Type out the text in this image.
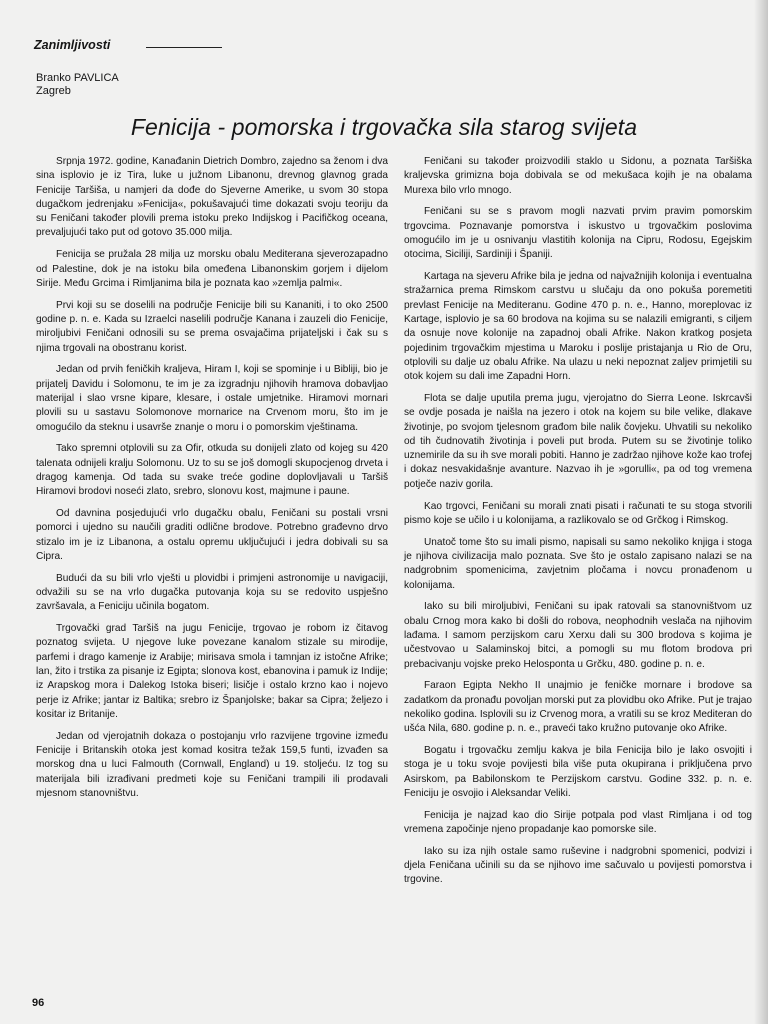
Zanimljivosti
Branko PAVLICA
Zagreb
Fenicija - pomorska i trgovačka sila starog svijeta

Srpnja 1972. godine, Kanađanin Dietrich Dombro, zajedno sa ženom i dva sina isplovio je iz Tira, luke u južnom Libanonu, drevnog glavnog grada Fenicije Taršiša, u namjeri da dođe do Sjeverne Amerike, u svom 30 stopa dugačkom jedrenjaku »Fenicija«, pokušavajući time dokazati svoju teoriju da su Feničani također plovili prema istoku preko Indijskog i Pacifičkog oceana, prevaljujući tako put od gotovo 35.000 milja.

Fenicija se pružala 28 milja uz morsku obalu Mediterana sjeverozapadno od Palestine, dok je na istoku bila omeđena Libanonskim gorjem i dijelom Sirije. Među Grcima i Rimljanima bila je poznata kao »zemlja palmi«.

Prvi koji su se doselili na područje Fenicije bili su Kananiti, i to oko 2500 godine p. n. e. Kada su Izraelci naselili područje Kanana i zauzeli dio Fenicije, miroljubivi Feničani odnosili su se prema osvajačima prijateljski i čak su s njima trgovali na obostranu korist.

Jedan od prvih feničkih kraljeva, Hiram I, koji se spominje i u Bibliji, bio je prijatelj Davidu i Solomonu, te im je za izgradnju njihovih hramova dobavljao materijal i slao vrsne kipare, klesare, i ostale umjetnike. Hiramovi mornari plovili su u sastavu Solomonove mornarice na Crvenom moru, što im je omogućilo da steknu i usavrše znanje o moru i o pomorskim vještinama.

Tako spremni otplovili su za Ofir, otkuda su donijeli zlato od kojeg su 420 talenata odnijeli kralju Solomonu. Uz to su se još domogli skupocjenog drveta i dragog kamenja. Od tada su svake treće godine doplovljavali u Taršiš Hiramovi brodovi noseći zlato, srebro, slonovu kost, majmune i paune.

Od davnina posjedujući vrlo dugačku obalu, Feničani su postali vrsni pomorci i ujedno su naučili graditi odlične brodove. Potrebno građevno drvo stizalo im je iz Libanona, a ostalu opremu uključujući i jedra dobivali su sa Cipra.

Budući da su bili vrlo vješti u plovidbi i primjeni astronomije u navigaciji, odvažili su se na vrlo dugačka putovanja koja su se redovito uspješno završavala, a Feniciju učinila bogatom.

Trgovački grad Taršiš na jugu Fenicije, trgovao je robom iz čitavog poznatog svijeta. U njegove luke povezane kanalom stizale su mirodije, parfemi i drago kamenje iz Arabije; mirisava smola i tamnjan iz istočne Afrike; lan, žito i trstika za pisanje iz Egipta; slonova kost, ebanovina i pamuk iz Indije; iz Arapskog mora i Dalekog Istoka biseri; lisičje i ostalo krzno kao i nojevo perje iz Afrike; jantar iz Baltika; srebro iz Španjolske; bakar sa Cipra; željezo i kositar iz Britanije.

Jedan od vjerojatnih dokaza o postojanju vrlo razvijene trgovine između Fenicije i Britanskih otoka jest komad kositra težak 159,5 funti, izvađen sa morskog dna u luci Falmouth (Cornwall, England) u 19. stoljeću. Iz tog su materijala bili izrađivani predmeti koje su Feničani trampili ili prodavali mjesnom stanovništvu.

Feničani su također proizvodili staklo u Sidonu, a poznata Taršiška kraljevska grimizna boja dobivala se od mekušaca kojih je na obalama Murexa bilo vrlo mnogo.

Feničani su se s pravom mogli nazvati prvim pravim pomorskim trgovcima. Poznavanje pomorstva i iskustvo u trgovačkim poslovima omogućilo im je u osnivanju vlastitih kolonija na Cipru, Rodosu, Egejskim otocima, Siciliji, Sardiniji i Španiji.

Kartaga na sjeveru Afrike bila je jedna od najvažnijih kolonija i eventualna stražarnica prema Rimskom carstvu u slučaju da ono pokuša poremetiti prevlast Fenicije na Mediteranu. Godine 470 p. n. e., Hanno, moreplovac iz Kartage, isplovio je sa 60 brodova na kojima su se nalazili emigranti, s ciljem da osnuje nove kolonije na zapadnoj obali Afrike. Nakon kratkog posjeta pojedinim trgovačkim mjestima u Maroku i poslije pristajanja u Rio de Oru, otplovili su dalje uz obalu Afrike. Na ulazu u neki nepoznat zaljev primjetili su otok kojem su dali ime Zapadni Horn.

Flota se dalje uputila prema jugu, vjerojatno do Sierra Leone. Iskrcavši se ovdje posada je naišla na jezero i otok na kojem su bile velike, dlakave životinje, po svojom tjelesnom građom bile nalik čovjeku. Uhvatili su nekoliko od tih čudnovatih životinja i poveli put broda. Putem su se životinje toliko uznemirile da su ih sve morali pobiti. Hanno je zadržao njihove kože kao trofej i dokaz nesvakidašnje avanture. Nazvao ih je »gorulli«, pa od tog vremena potječe naziv gorila.

Kao trgovci, Feničani su morali znati pisati i računati te su stoga stvorili pismo koje se učilo i u kolonijama, a razlikovalo se od Grčkog i Rimskog.

Unatoč tome što su imali pismo, napisali su samo nekoliko knjiga i stoga je njihova civilizacija malo poznata. Sve što je ostalo zapisano nalazi se na nadgrobnim spomenicima, zavjetnim pločama i novcu pronađenom u kolonijama.

Iako su bili miroljubivi, Feničani su ipak ratovali sa stanovništvom uz obalu Crnog mora kako bi došli do robova, neophodnih veslača na njihovim lađama. I samom perzijskom caru Xerxu dali su 300 brodova s kojima je učestvovao u Salaminskoj bitci, a pomogli su mu flotom brodova pri prebacivanju vojske preko Helosponta u Grčku, 480. godine p. n. e.

Faraon Egipta Nekho II unajmio je feničke mornare i brodove sa zadatkom da pronađu povoljan morski put za plovidbu oko Afrike. Put je trajao nekoliko godina. Isplovili su iz Crvenog mora, a vratili su se kroz Mediteran do ušća Nila, 680. godine p. n. e., praveći tako kružno putovanje oko Afrike.

Bogatu i trgovačku zemlju kakva je bila Fenicija bilo je lako osvojiti i stoga je u toku svoje povijesti bila više puta okupirana i priključena prvo Asirskom, pa Babilonskom te Perzijskom carstvu. Godine 332. p. n. e. Feniciju je osvojio i Aleksandar Veliki.

Fenicija je najzad kao dio Sirije potpala pod vlast Rimljana i od tog vremena započinje njeno propadanje kao pomorske sile.

Iako su iza njih ostale samo ruševine i nadgrobni spomenici, podvizi i djela Feničana učinili su da se njihovo ime sačuvalo u povijesti pomorstva i trgovine.

96
